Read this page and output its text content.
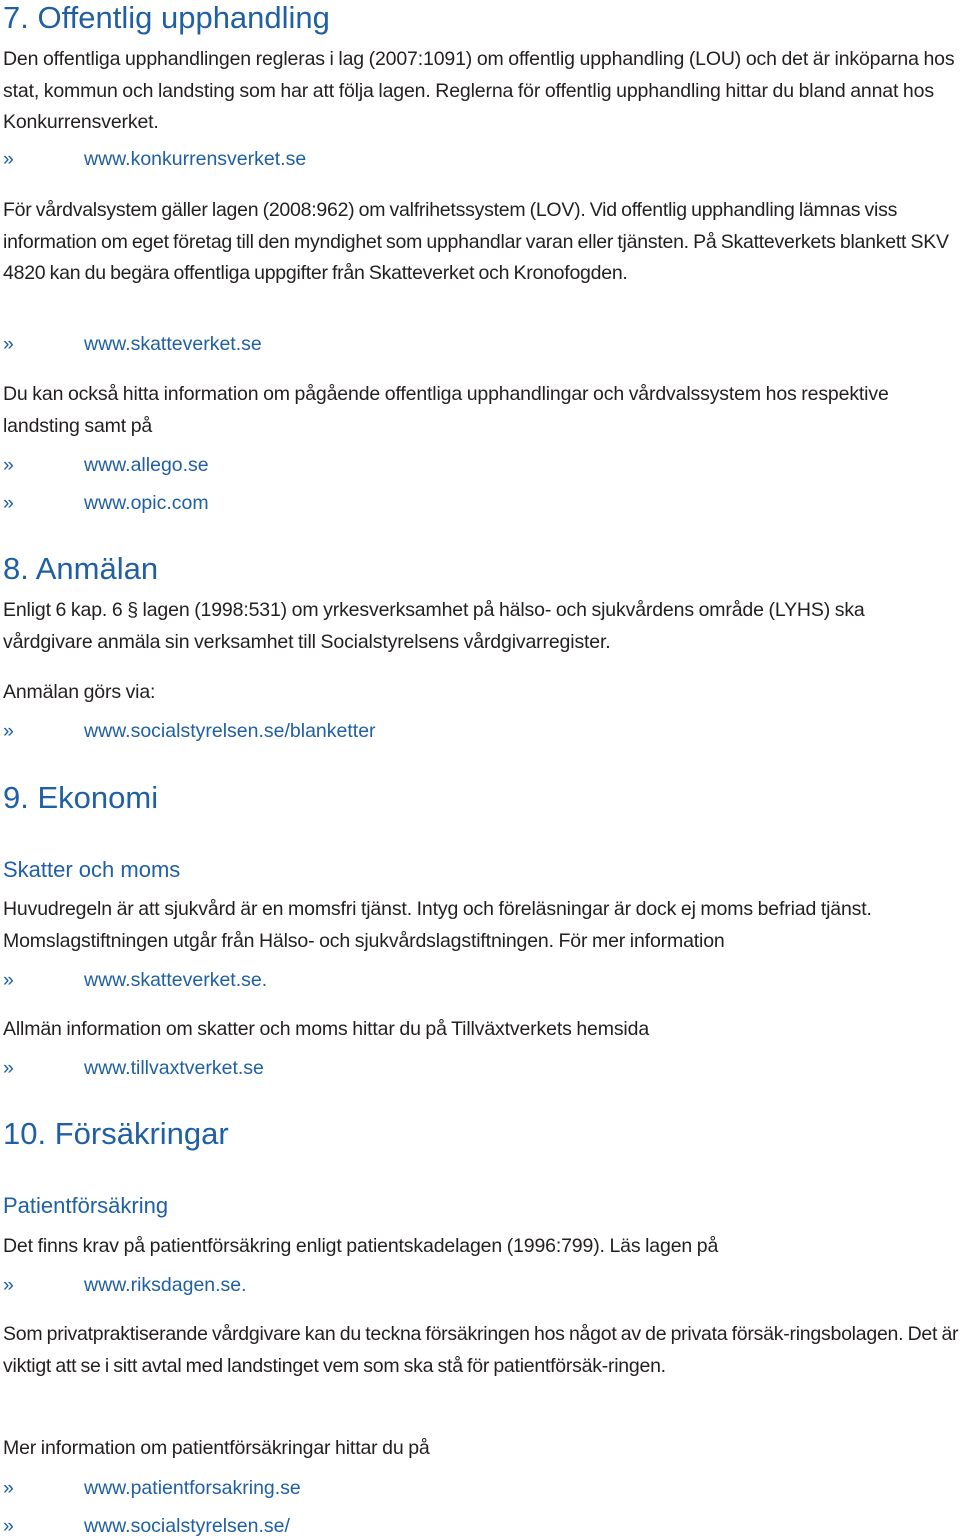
7. Offentlig upphandling

Den offentliga upphandlingen regleras i lag (2007:1091) om offentlig upphandling (LOU) och det är inköparna hos stat, kommun och landsting som har att följa lagen. Reglerna för offentlig upphandling hittar du bland annat hos Konkurrensverket.

»	www.konkurrensverket.se

För vårdvalsystem gäller lagen (2008:962) om valfrihetssystem (LOV). Vid offentlig upphandling lämnas viss information om eget företag till den myndighet som upphandlar varan eller tjänsten. På Skatteverkets blankett SKV 4820 kan du begära offentliga uppgifter från Skatteverket och Kronofogden.

»	www.skatteverket.se

Du kan också hitta information om pågående offentliga upphandlingar och vårdvalssystem hos respektive landsting samt på

»	www.allego.se
»	www.opic.com
8. Anmälan

Enligt 6 kap. 6 § lagen (1998:531) om yrkesverksamhet på hälso- och sjukvårdens område (LYHS) ska vårdgivare anmäla sin verksamhet till Socialstyrelsens vårdgivarregister.

Anmälan görs via:

»	www.socialstyrelsen.se/blanketter
9. Ekonomi
Skatter och moms

Huvudregeln är att sjukvård är en momsfri tjänst. Intyg och föreläsningar är dock ej moms befriad tjänst. Momslagstiftningen utgår från Hälso- och sjukvårdslagstiftningen. För mer information

»	www.skatteverket.se.

Allmän information om skatter och moms hittar du på Tillväxtverkets hemsida

»	www.tillvaxtverket.se
10. Försäkringar
Patientförsäkring

Det finns krav på patientförsäkring enligt patientskadelagen (1996:799). Läs lagen på

»	www.riksdagen.se.

Som privatpraktiserande vårdgivare kan du teckna försäkringen hos något av de privata försäk-ringsbolagen. Det är viktigt att se i sitt avtal med landstinget vem som ska stå för patientförsäk-ringen.

Mer information om patientförsäkringar hittar du på

»	www.patientforsakring.se
»	www.socialstyrelsen.se/
